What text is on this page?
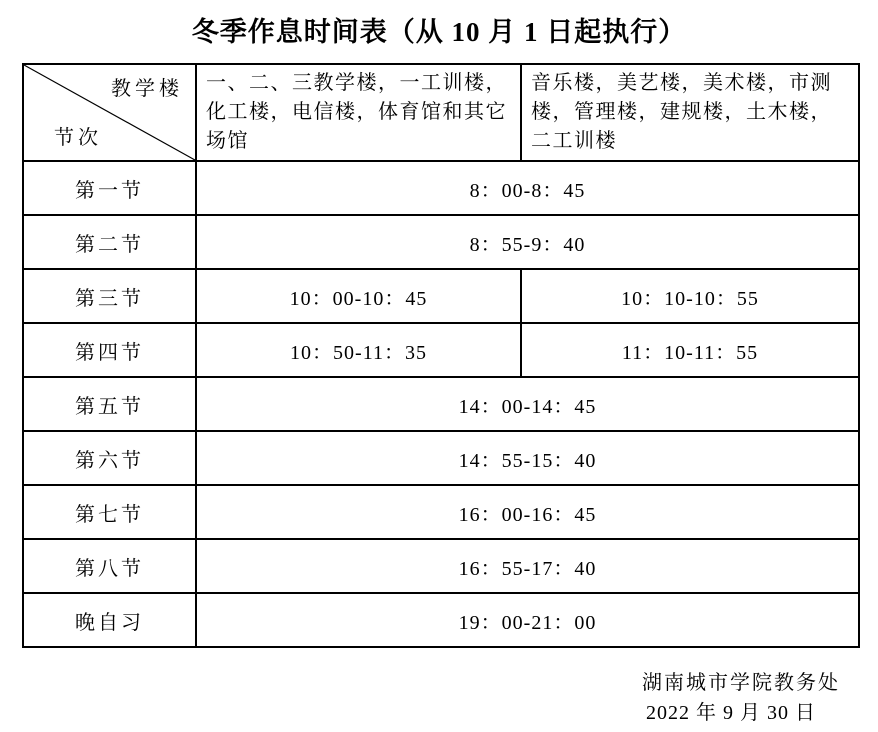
冬季作息时间表（从 10 月 1 日起执行）
教学楼
节次	一、二、三教学楼，一工训楼，化工楼，电信楼，体育馆和其它场馆	音乐楼，美艺楼，美术楼，市测楼，管理楼，建规楼，土木楼，二工训楼
第一节	8：00-8：45	
第二节	8：55-9：40	
第三节	10：00-10：45	10：10-10：55
第四节	10：50-11：35	11：10-11：55
第五节	14：00-14：45	
第六节	14：55-15：40	
第七节	16：00-16：45	
第八节	16：55-17：40	
晚自习	19：00-21：00	
湖南城市学院教务处
2022 年 9 月 30 日
